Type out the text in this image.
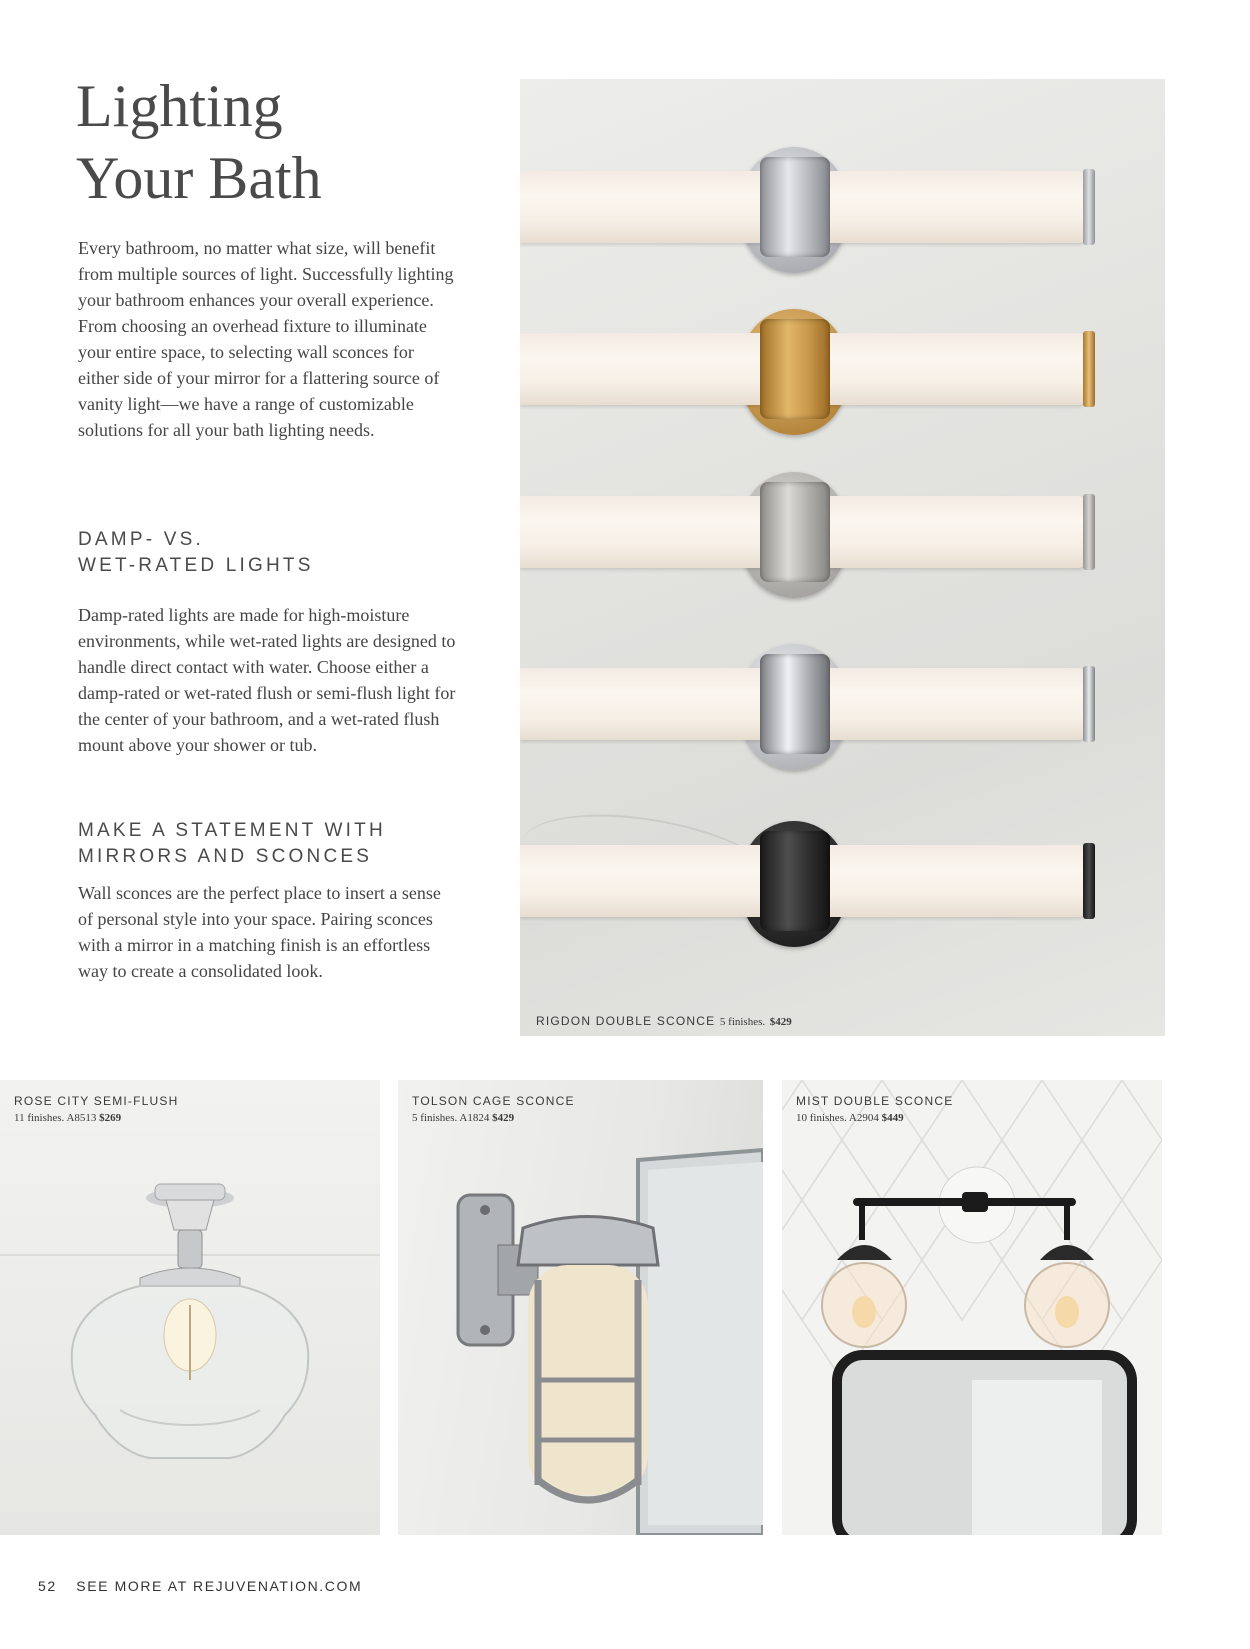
Lighting
Your Bath

Every bathroom, no matter what size, will benefit from multiple sources of light. Successfully lighting your bathroom enhances your overall experience. From choosing an overhead fixture to illuminate your entire space, to selecting wall sconces for either side of your mirror for a flattering source of vanity light—we have a range of customizable solutions for all your bath lighting needs.

DAMP- VS.
WET-RATED LIGHTS

Damp-rated lights are made for high-moisture environments, while wet-rated lights are designed to handle direct contact with water. Choose either a damp-rated or wet-rated flush or semi-flush light for the center of your bathroom, and a wet-rated flush mount above your shower or tub.

MAKE A STATEMENT WITH
MIRRORS AND SCONCES

Wall sconces are the perfect place to insert a sense of personal style into your space. Pairing sconces with a mirror in a matching finish is an effortless way to create a consolidated look.

RIGDON DOUBLE SCONCE 5 finishes. $429

ROSE CITY SEMI-FLUSH
11 finishes. A8513 $269

TOLSON CAGE SCONCE
5 finishes. A1824 $429

MIST DOUBLE SCONCE
10 finishes. A2904 $449

52 SEE MORE AT REJUVENATION.COM
